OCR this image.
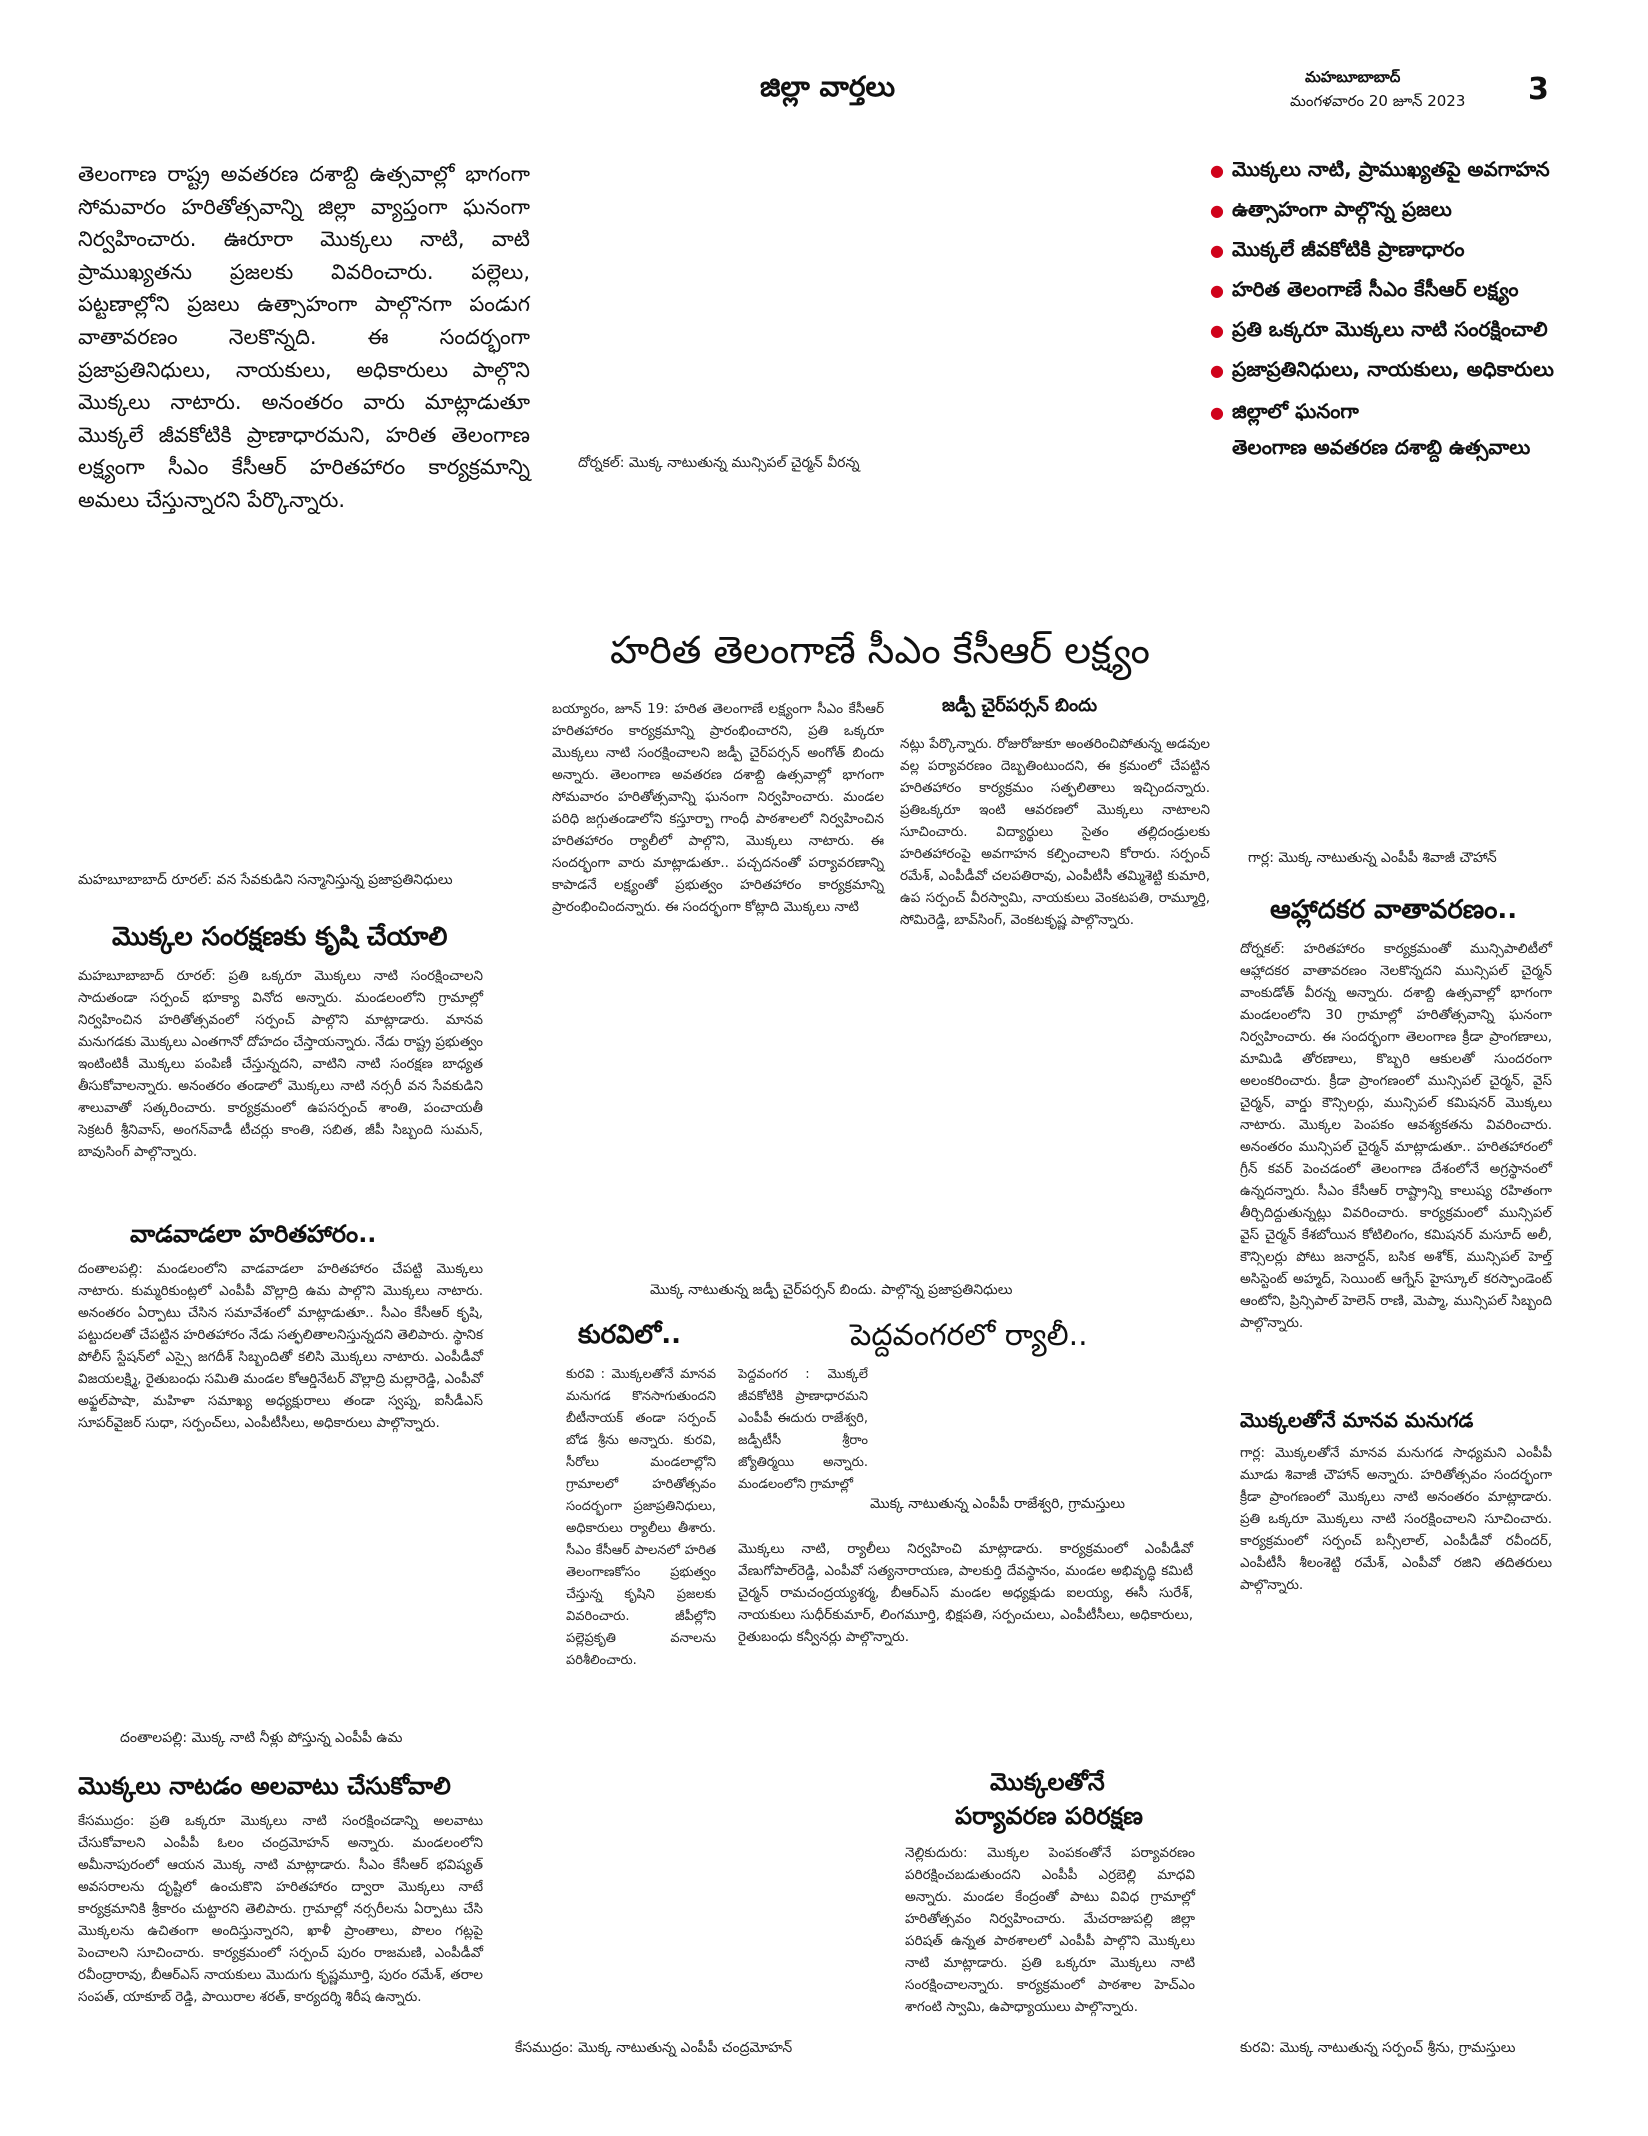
జిల్లా వార్తలు	మహబూబాబాద్
మంగళవారం 20 జూన్ 2023 3
తెలంగాణ రాష్ట్ర అవతరణ దశాబ్ది ఉత్సవాల్లో భాగంగా సోమవారం హరితోత్సవాన్ని జిల్లా వ్యాప్తంగా ఘనంగా నిర్వహించారు. ఊరూరా మొక్కలు నాటి, వాటి ప్రాముఖ్యతను ప్రజలకు వివరించారు. పల్లెలు, పట్టణాల్లోని ప్రజలు ఉత్సాహంగా పాల్గొనగా పండుగ వాతావరణం నెలకొన్నది. ఈ సందర్భంగా ప్రజాప్రతినిధులు, నాయకులు, అధికారులు పాల్గొని మొక్కలు నాటారు. అనంతరం వారు మాట్లాడుతూ మొక్కలే జీవకోటికి ప్రాణాధారమని, హరిత తెలంగాణ లక్ష్యంగా సీఎం కేసీఆర్ హరితహారం కార్యక్రమాన్ని అమలు చేస్తున్నారని పేర్కొన్నారు.
● మొక్కలు నాటి, ప్రాముఖ్యతపై అవగాహన
● ఉత్సాహంగా పాల్గొన్న ప్రజలు
● మొక్కలే జీవకోటికి ప్రాణాధారం
● హరిత తెలంగాణే సీఎం కేసీఆర్ లక్ష్యం
● ప్రతి ఒక్కరూ మొక్కలు నాటి సంరక్షించాలి
● ప్రజాప్రతినిధులు, నాయకులు, అధికారులు
● జిల్లాలో ఘనంగా
తెలంగాణ అవతరణ దశాబ్ది ఉత్సవాలు
దోర్నకల్: మొక్క నాటుతున్న మున్సిపల్ చైర్మన్ వీరన్న
మహబూబాబాద్ రూరల్: వన సేవకుడిని సన్మానిస్తున్న ప్రజాప్రతినిధులు
గార్ల: మొక్క నాటుతున్న ఎంపీపీ శివాజీ చౌహాన్
మొక్క నాటుతున్న జడ్పీ చైర్‌పర్సన్ బిందు. పాల్గొన్న ప్రజాప్రతినిధులు
మొక్క నాటుతున్న ఎంపీపీ రాజేశ్వరి, గ్రామస్తులు
దంతాలపల్లి: మొక్క నాటి నీళ్లు పోస్తున్న ఎంపీపీ ఉమ
కేసముద్రం: మొక్క నాటుతున్న ఎంపీపీ చంద్రమోహన్	కురవి: మొక్క నాటుతున్న సర్పంచ్ శ్రీను, గ్రామస్తులు
హరిత తెలంగాణే సీఎం కేసీఆర్ లక్ష్యం
జడ్పీ చైర్‌పర్సన్ బిందు
బయ్యారం, జూన్ 19: హరిత తెలంగాణే లక్ష్యంగా సీఎం కేసీఆర్ హరితహారం కార్యక్రమాన్ని ప్రారంభించారని, ప్రతి ఒక్కరూ మొక్కలు నాటి సంరక్షించాలని జడ్పీ చైర్‌పర్సన్ అంగోత్ బిందు అన్నారు. తెలంగాణ అవతరణ దశాబ్ది ఉత్సవాల్లో భాగంగా సోమవారం హరితోత్సవాన్ని ఘనంగా నిర్వహించారు. మండల పరిధి జగ్గుతండాలోని కస్తూర్బా గాంధీ పాఠశాలలో నిర్వహించిన హరితహారం ర్యాలీలో పాల్గొని, మొక్కలు నాటారు. ఈ సందర్భంగా వారు మాట్లాడుతూ.. పచ్చదనంతో పర్యావరణాన్ని కాపాడనే లక్ష్యంతో ప్రభుత్వం హరితహారం కార్యక్రమాన్ని ప్రారంభించిందన్నారు. ఈ సందర్భంగా కోట్లాది మొక్కలు నాటి
నట్లు పేర్కొన్నారు. రోజురోజుకూ అంతరించిపోతున్న అడవుల వల్ల పర్యావరణం దెబ్బతింటుందని, ఈ క్రమంలో చేపట్టిన హరితహారం కార్యక్రమం సత్ఫలితాలు ఇచ్చిందన్నారు. ప్రతిఒక్కరూ ఇంటి ఆవరణలో మొక్కలు నాటాలని సూచించారు. విద్యార్థులు సైతం తల్లిదండ్రులకు హరితహారంపై అవగాహన కల్పించాలని కోరారు. సర్పంచ్ రమేశ్, ఎంపీడీవో చలపతిరావు, ఎంపీటీసీ తమ్మిశెట్టి కుమారి, ఉప సర్పంచ్ వీరస్వామి, నాయకులు వెంకటపతి, రామ్మూర్తి, సోమిరెడ్డి, బావ్‌సింగ్, వెంకటకృష్ణ పాల్గొన్నారు.
మొక్కల సంరక్షణకు కృషి చేయాలి
మహబూబాబాద్ రూరల్: ప్రతి ఒక్కరూ మొక్కలు నాటి సంరక్షించాలని సాదుతండా సర్పంచ్ భూక్యా వినోద అన్నారు. మండలంలోని గ్రామాల్లో నిర్వహించిన హరితోత్సవంలో సర్పంచ్ పాల్గొని మాట్లాడారు. మానవ మనుగడకు మొక్కలు ఎంతగానో దోహదం చేస్తాయన్నారు. నేడు రాష్ట్ర ప్రభుత్వం ఇంటింటికీ మొక్కలు పంపిణీ చేస్తున్నదని, వాటిని నాటి సంరక్షణ బాధ్యత తీసుకోవాలన్నారు. అనంతరం తండాలో మొక్కలు నాటి నర్సరీ వన సేవకుడిని శాలువాతో సత్కరించారు. కార్యక్రమంలో ఉపసర్పంచ్ శాంతి, పంచాయతీ సెక్రటరీ శ్రీనివాస్, అంగన్‌వాడీ టీచర్లు కాంతి, సబిత, జీపీ సిబ్బంది సుమన్, బావుసింగ్ పాల్గొన్నారు.
వాడవాడలా హరితహారం..
దంతాలపల్లి: మండలంలోని వాడవాడలా హరితహారం చేపట్టి మొక్కలు నాటారు. కుమ్మరికుంట్లలో ఎంపీపీ వొల్లాద్రి ఉమ పాల్గొని మొక్కలు నాటారు. అనంతరం ఏర్పాటు చేసిన సమావేశంలో మాట్లాడుతూ.. సీఎం కేసీఆర్ కృషి, పట్టుదలతో చేపట్టిన హరితహారం నేడు సత్ఫలితాలనిస్తున్నదని తెలిపారు. స్థానిక పోలీస్ స్టేషన్‌లో ఎస్సై జగదీశ్ సిబ్బందితో కలిసి మొక్కలు నాటారు. ఎంపీడీవో విజయలక్ష్మి, రైతుబంధు సమితి మండల కోఆర్డినేటర్ వొల్లాద్రి మల్లారెడ్డి, ఎంపీవో అఫ్జల్‌పాషా, మహిళా సమాఖ్య అధ్యక్షురాలు తండా స్వప్న, ఐసీడీఎస్ సూపర్‌వైజర్ సుధా, సర్పంచ్‌లు, ఎంపీటీసీలు, అధికారులు పాల్గొన్నారు.
మొక్కలు నాటడం అలవాటు చేసుకోవాలి
కేసముద్రం: ప్రతి ఒక్కరూ మొక్కలు నాటి సంరక్షించడాన్ని అలవాటు చేసుకోవాలని ఎంపీపీ ఓలం చంద్రమోహన్ అన్నారు. మండలంలోని అమీనాపురంలో ఆయన మొక్క నాటి మాట్లాడారు. సీఎం కేసీఆర్ భవిష్యత్ అవసరాలను దృష్టిలో ఉంచుకొని హరితహారం ద్వారా మొక్కలు నాటే కార్యక్రమానికి శ్రీకారం చుట్టారని తెలిపారు. గ్రామాల్లో నర్సరీలను ఏర్పాటు చేసి మొక్కలను ఉచితంగా అందిస్తున్నారని, ఖాళీ ప్రాంతాలు, పొలం గట్లపై పెంచాలని సూచించారు. కార్యక్రమంలో సర్పంచ్ పురం రాజమణి, ఎంపీడీవో రవీంద్రారావు, బీఆర్‌ఎస్ నాయకులు మొదుగు కృష్ణమూర్తి, పురం రమేశ్, తరాల సంపత్, యాకూబ్ రెడ్డి, పాయిరాల శరత్, కార్యదర్శి శిరీష ఉన్నారు.
కురవిలో..
కురవి : మొక్కలతోనే మానవ మనుగడ కొనసాగుతుందని బీటీనాయక్ తండా సర్పంచ్ బోడ శ్రీను అన్నారు. కురవి, సీరోలు మండలాల్లోని గ్రామాలలో హరితోత్సవం సందర్భంగా ప్రజాప్రతినిధులు, అధికారులు ర్యాలీలు తీశారు. సీఎం కేసీఆర్ పాలనలో హరిత తెలంగాణకోసం ప్రభుత్వం చేస్తున్న కృషిని ప్రజలకు వివరించారు. జీపీల్లోని పల్లెప్రకృతి వనాలను పరిశీలించారు.
పెద్దవంగరలో ర్యాలీ..
పెద్దవంగర : మొక్కలే జీవకోటికి ప్రాణాధారమని ఎంపీపీ ఈదురు రాజేశ్వరి, జడ్పీటీసీ శ్రీరాం జ్యోతిర్మయి అన్నారు. మండలంలోని గ్రామాల్లో
మొక్కలు నాటి, ర్యాలీలు నిర్వహించి మాట్లాడారు. కార్యక్రమంలో ఎంపీడీవో వేణుగోపాల్‌రెడ్డి, ఎంపీవో సత్యనారాయణ, పాలకుర్తి దేవస్థానం, మండల అభివృద్ధి కమిటీ చైర్మన్ రామచంద్రయ్యశర్మ, బీఆర్‌ఎస్ మండల అధ్యక్షుడు ఐలయ్య, ఈసీ సురేశ్, నాయకులు సుధీర్‌కుమార్, లింగమూర్తి, భిక్షపతి, సర్పంచులు, ఎంపీటీసీలు, అధికారులు, రైతుబంధు కన్వీనర్లు పాల్గొన్నారు.
మొక్కలతోనే
పర్యావరణ పరిరక్షణ
నెల్లికుదురు: మొక్కల పెంపకంతోనే పర్యావరణం పరిరక్షించబడుతుందని ఎంపీపీ ఎర్రబెల్లి మాధవి అన్నారు. మండల కేంద్రంతో పాటు వివిధ గ్రామాల్లో హరితోత్సవం నిర్వహించారు. మేచరాజుపల్లి జిల్లా పరిషత్ ఉన్నత పాఠశాలలో ఎంపీపీ పాల్గొని మొక్కలు నాటి మాట్లాడారు. ప్రతి ఒక్కరూ మొక్కలు నాటి సంరక్షించాలన్నారు. కార్యక్రమంలో పాఠశాల హెచ్‌ఎం శాగంటి స్వామి, ఉపాధ్యాయులు పాల్గొన్నారు.
ఆహ్లాదకర వాతావరణం..
దోర్నకల్: హరితహారం కార్యక్రమంతో మున్సిపాలిటీలో ఆహ్లాదకర వాతావరణం నెలకొన్నదని మున్సిపల్ చైర్మన్ వాంకుడోత్ వీరన్న అన్నారు. దశాబ్ది ఉత్సవాల్లో భాగంగా మండలంలోని 30 గ్రామాల్లో హరితోత్సవాన్ని ఘనంగా నిర్వహించారు. ఈ సందర్భంగా తెలంగాణ క్రీడా ప్రాంగణాలు, మామిడి తోరణాలు, కొబ్బరి ఆకులతో సుందరంగా అలంకరించారు. క్రీడా ప్రాంగణంలో మున్సిపల్ చైర్మన్, వైస్ చైర్మన్, వార్డు కౌన్సిలర్లు, మున్సిపల్ కమిషనర్ మొక్కలు నాటారు. మొక్కల పెంపకం ఆవశ్యకతను వివరించారు. అనంతరం మున్సిపల్ చైర్మన్ మాట్లాడుతూ.. హరితహారంలో గ్రీన్ కవర్ పెంచడంలో తెలంగాణ దేశంలోనే అగ్రస్థానంలో ఉన్నదన్నారు. సీఎం కేసీఆర్ రాష్ట్రాన్ని కాలుష్య రహితంగా తీర్చిదిద్దుతున్నట్లు వివరించారు. కార్యక్రమంలో మున్సిపల్ వైస్ చైర్మన్ కేశబోయిన కోటిలింగం, కమిషనర్ మసూద్ అలీ, కౌన్సిలర్లు పోటు జనార్దన్, బసిక అశోక్, మున్సిపల్ హెల్త్ అసిస్టెంట్ అహ్మద్, సెయింట్ ఆగ్నేస్ హైస్కూల్ కరస్పాండెంట్ ఆంటోని, ప్రిన్సిపాల్ హెలెన్ రాణి, మెప్మా, మున్సిపల్ సిబ్బంది పాల్గొన్నారు.
మొక్కలతోనే మానవ మనుగడ
గార్ల: మొక్కలతోనే మానవ మనుగడ సాధ్యమని ఎంపీపీ మూడు శివాజీ చౌహాన్ అన్నారు. హరితోత్సవం సందర్భంగా క్రీడా ప్రాంగణంలో మొక్కలు నాటి అనంతరం మాట్లాడారు. ప్రతి ఒక్కరూ మొక్కలు నాటి సంరక్షించాలని సూచించారు. కార్యక్రమంలో సర్పంచ్ బన్సీలాల్, ఎంపీడీవో రవీందర్, ఎంపీటీసీ శీలంశెట్టి రమేశ్, ఎంపీవో రజిని తదితరులు పాల్గొన్నారు.
